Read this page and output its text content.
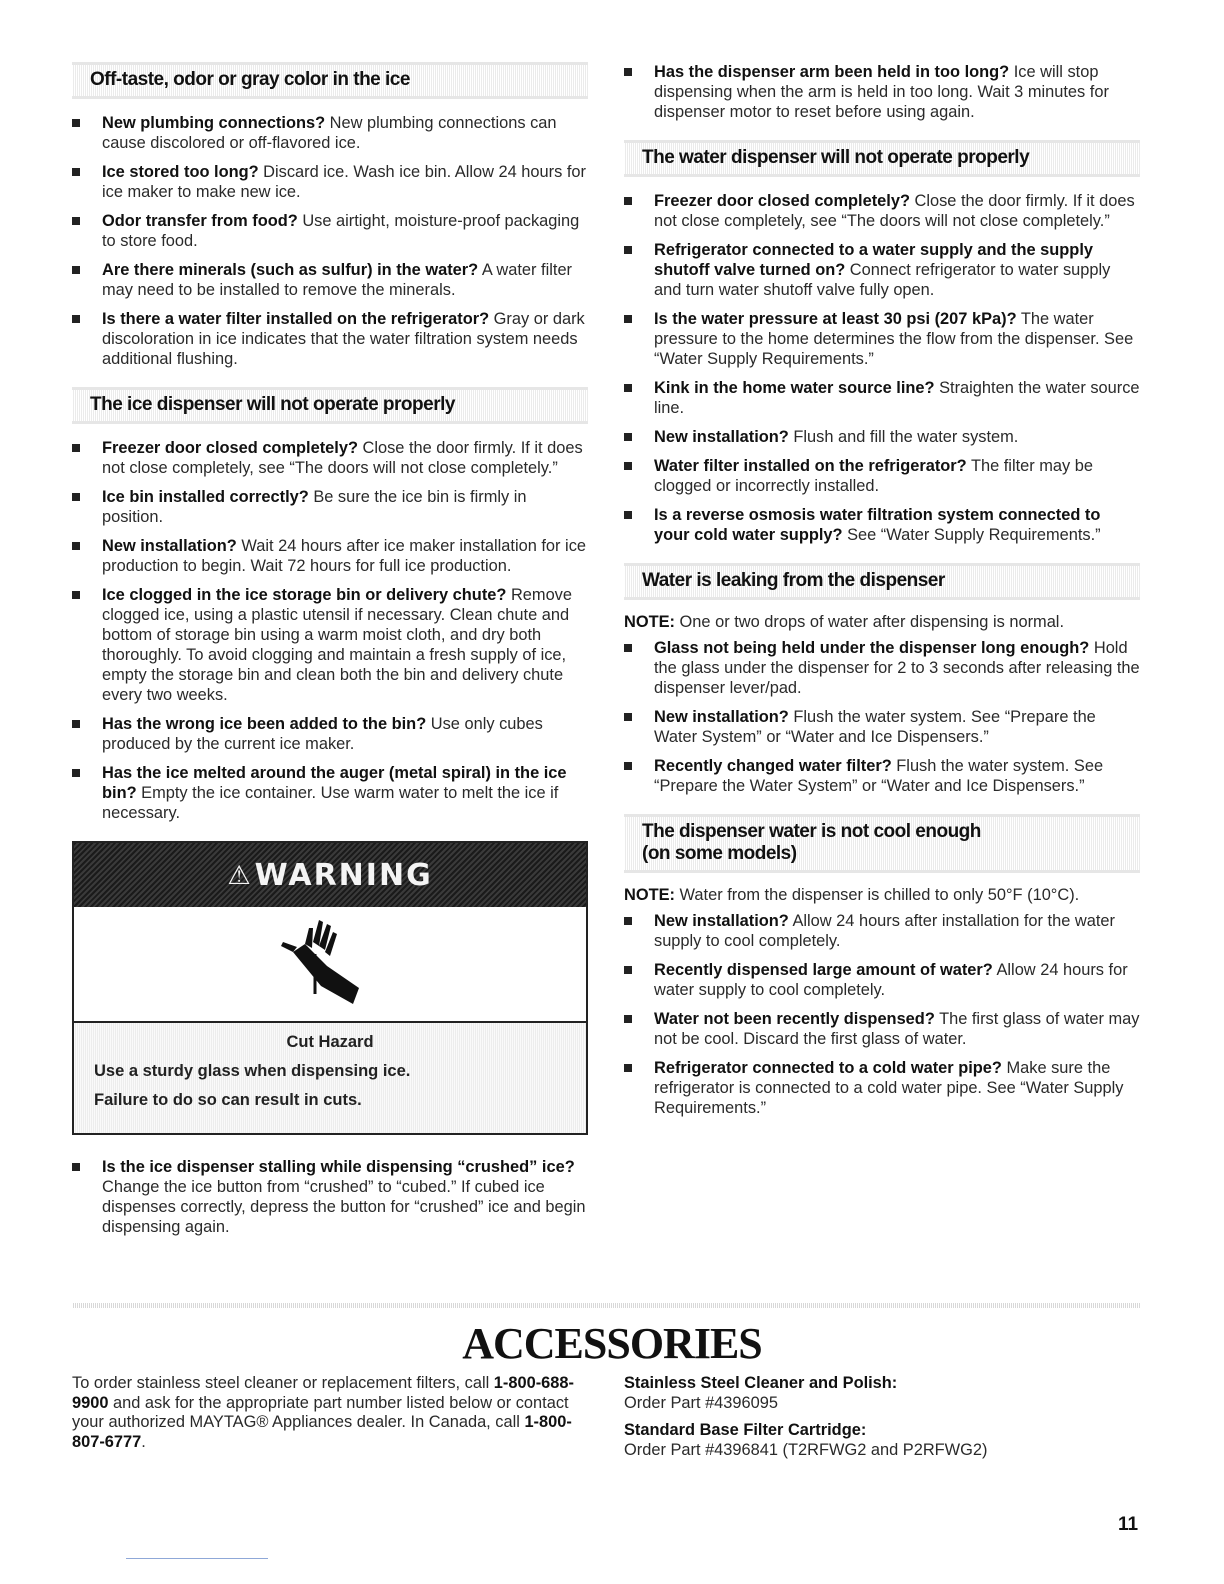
Off-taste, odor or gray color in the ice
New plumbing connections? New plumbing connections can cause discolored or off-flavored ice.
Ice stored too long? Discard ice. Wash ice bin. Allow 24 hours for ice maker to make new ice.
Odor transfer from food? Use airtight, moisture-proof packaging to store food.
Are there minerals (such as sulfur) in the water? A water filter may need to be installed to remove the minerals.
Is there a water filter installed on the refrigerator? Gray or dark discoloration in ice indicates that the water filtration system needs additional flushing.
The ice dispenser will not operate properly
Freezer door closed completely? Close the door firmly. If it does not close completely, see “The doors will not close completely.”
Ice bin installed correctly? Be sure the ice bin is firmly in position.
New installation? Wait 24 hours after ice maker installation for ice production to begin. Wait 72 hours for full ice production.
Ice clogged in the ice storage bin or delivery chute? Remove clogged ice, using a plastic utensil if necessary. Clean chute and bottom of storage bin using a warm moist cloth, and dry both thoroughly. To avoid clogging and maintain a fresh supply of ice, empty the storage bin and clean both the bin and delivery chute every two weeks.
Has the wrong ice been added to the bin? Use only cubes produced by the current ice maker.
Has the ice melted around the auger (metal spiral) in the ice bin? Empty the ice container. Use warm water to melt the ice if necessary.
⚠ WARNING
Cut Hazard
Use a sturdy glass when dispensing ice.
Failure to do so can result in cuts.
Is the ice dispenser stalling while dispensing “crushed” ice? Change the ice button from “crushed” to “cubed.” If cubed ice dispenses correctly, depress the button for “crushed” ice and begin dispensing again.
Has the dispenser arm been held in too long? Ice will stop dispensing when the arm is held in too long. Wait 3 minutes for dispenser motor to reset before using again.
The water dispenser will not operate properly
Freezer door closed completely? Close the door firmly. If it does not close completely, see “The doors will not close completely.”
Refrigerator connected to a water supply and the supply shutoff valve turned on? Connect refrigerator to water supply and turn water shutoff valve fully open.
Is the water pressure at least 30 psi (207 kPa)? The water pressure to the home determines the flow from the dispenser. See “Water Supply Requirements.”
Kink in the home water source line? Straighten the water source line.
New installation? Flush and fill the water system.
Water filter installed on the refrigerator? The filter may be clogged or incorrectly installed.
Is a reverse osmosis water filtration system connected to your cold water supply? See “Water Supply Requirements.”
Water is leaking from the dispenser
NOTE: One or two drops of water after dispensing is normal.
Glass not being held under the dispenser long enough? Hold the glass under the dispenser for 2 to 3 seconds after releasing the dispenser lever/pad.
New installation? Flush the water system. See “Prepare the Water System” or “Water and Ice Dispensers.”
Recently changed water filter? Flush the water system. See “Prepare the Water System” or “Water and Ice Dispensers.”
The dispenser water is not cool enough
(on some models)
NOTE: Water from the dispenser is chilled to only 50°F (10°C).
New installation? Allow 24 hours after installation for the water supply to cool completely.
Recently dispensed large amount of water? Allow 24 hours for water supply to cool completely.
Water not been recently dispensed? The first glass of water may not be cool. Discard the first glass of water.
Refrigerator connected to a cold water pipe? Make sure the refrigerator is connected to a cold water pipe. See “Water Supply Requirements.”
ACCESSORIES
To order stainless steel cleaner or replacement filters, call 1-800-688-9900 and ask for the appropriate part number listed below or contact your authorized MAYTAG® Appliances dealer. In Canada, call 1-800-807-6777.
Stainless Steel Cleaner and Polish:
Order Part #4396095
Standard Base Filter Cartridge:
Order Part #4396841 (T2RFWG2 and P2RFWG2)
11
